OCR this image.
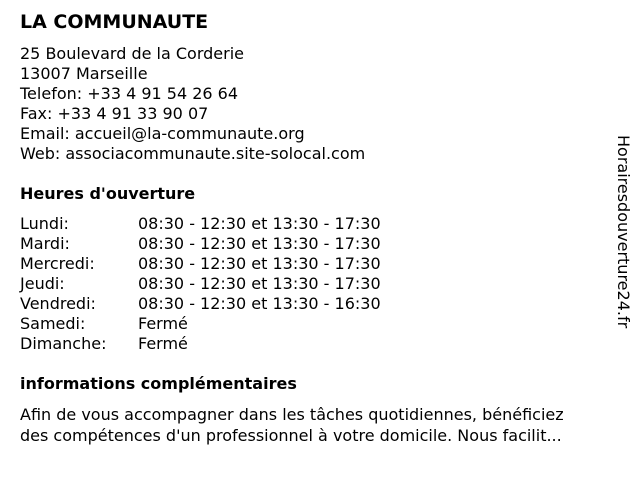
LA COMMUNAUTE
25 Boulevard de la Corderie
13007 Marseille
Telefon: +33 4 91 54 26 64
Fax: +33 4 91 33 90 07
Email: accueil@la-communaute.org
Web: associacommunaute.site-solocal.com
Heures d'ouverture
Lundi:	08:30 - 12:30 et 13:30 - 17:30
Mardi:	08:30 - 12:30 et 13:30 - 17:30
Mercredi:	08:30 - 12:30 et 13:30 - 17:30
Jeudi:	08:30 - 12:30 et 13:30 - 17:30
Vendredi:	08:30 - 12:30 et 13:30 - 16:30
Samedi:	Fermé
Dimanche:	Fermé
informations complémentaires
Afin de vous accompagner dans les tâches quotidiennes, bénéficiez
des compétences d'un professionnel à votre domicile. Nous facilit...
Horairesdouverture24.fr
